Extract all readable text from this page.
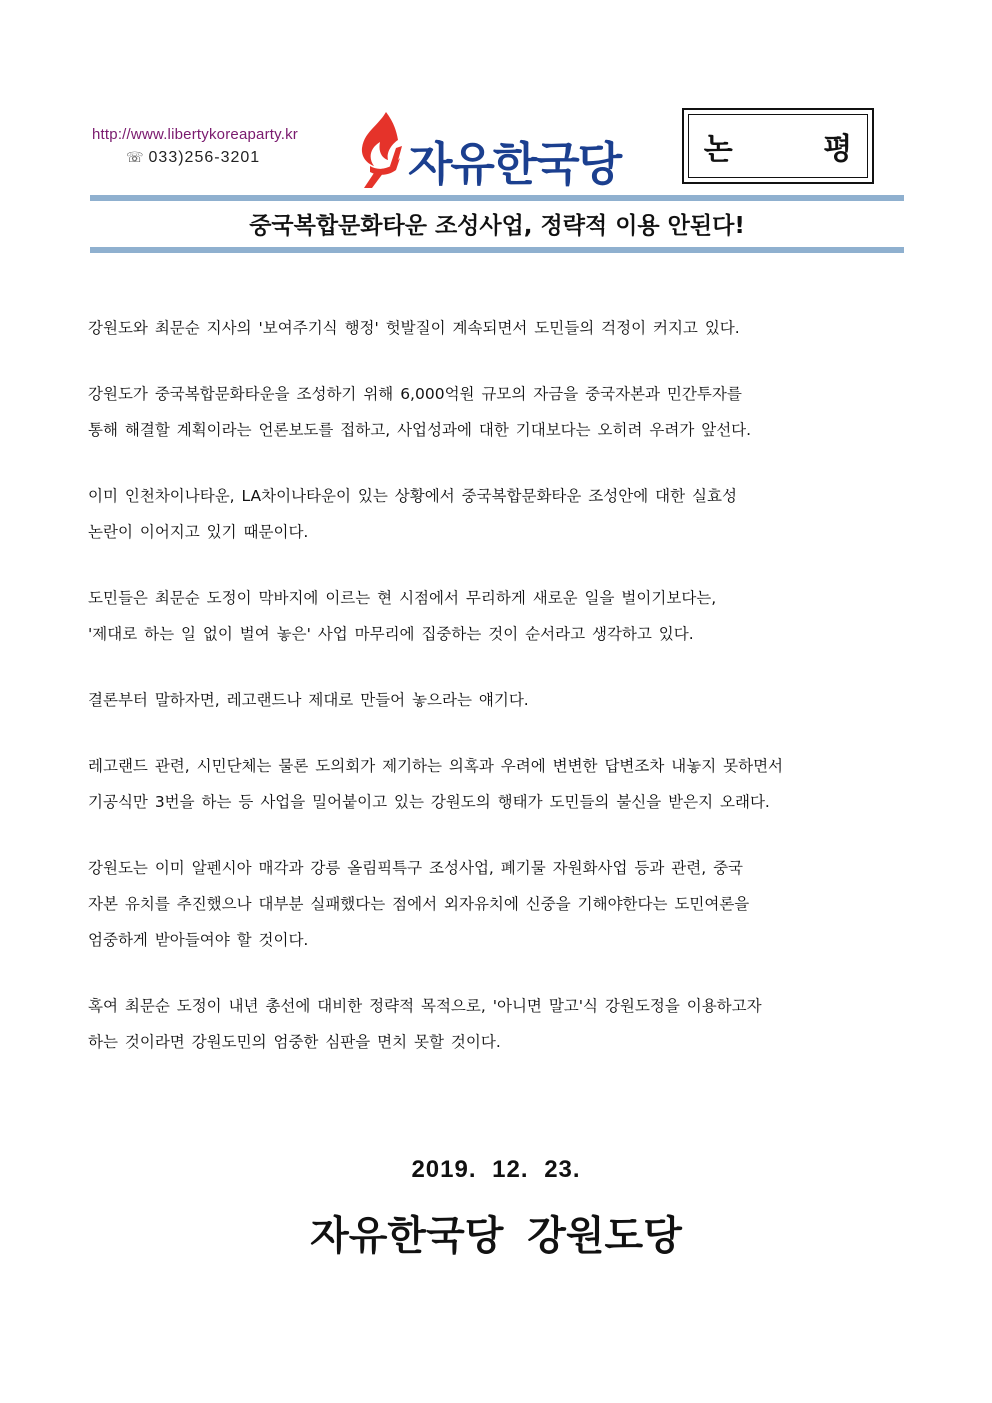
http://www.libertykoreaparty.kr
☏ 033)256-3201	자유한국당	논 평
중국복합문화타운 조성사업, 정략적 이용 안된다!
강원도와 최문순 지사의 '보여주기식 행정' 헛발질이 계속되면서 도민들의 걱정이 커지고 있다.
강원도가 중국복합문화타운을 조성하기 위해 6,000억원 규모의 자금을 중국자본과 민간투자를
통해 해결할 계획이라는 언론보도를 접하고, 사업성과에 대한 기대보다는 오히려 우려가 앞선다.
이미 인천차이나타운, LA차이나타운이 있는 상황에서 중국복합문화타운 조성안에 대한 실효성
논란이 이어지고 있기 때문이다.
도민들은 최문순 도정이 막바지에 이르는 현 시점에서 무리하게 새로운 일을 벌이기보다는,
'제대로 하는 일 없이 벌여 놓은' 사업 마무리에 집중하는 것이 순서라고 생각하고 있다.
결론부터 말하자면, 레고랜드나 제대로 만들어 놓으라는 얘기다.
레고랜드 관련, 시민단체는 물론 도의회가 제기하는 의혹과 우려에 변변한 답변조차 내놓지 못하면서
기공식만 3번을 하는 등 사업을 밀어붙이고 있는 강원도의 행태가 도민들의 불신을 받은지 오래다.
강원도는 이미 알펜시아 매각과 강릉 올림픽특구 조성사업, 폐기물 자원화사업 등과 관련, 중국
자본 유치를 추진했으나 대부분 실패했다는 점에서 외자유치에 신중을 기해야한다는 도민여론을
엄중하게 받아들여야 할 것이다.
혹여 최문순 도정이 내년 총선에 대비한 정략적 목적으로, '아니면 말고'식 강원도정을 이용하고자
하는 것이라면 강원도민의 엄중한 심판을 면치 못할 것이다.
2019. 12. 23.
자유한국당 강원도당
